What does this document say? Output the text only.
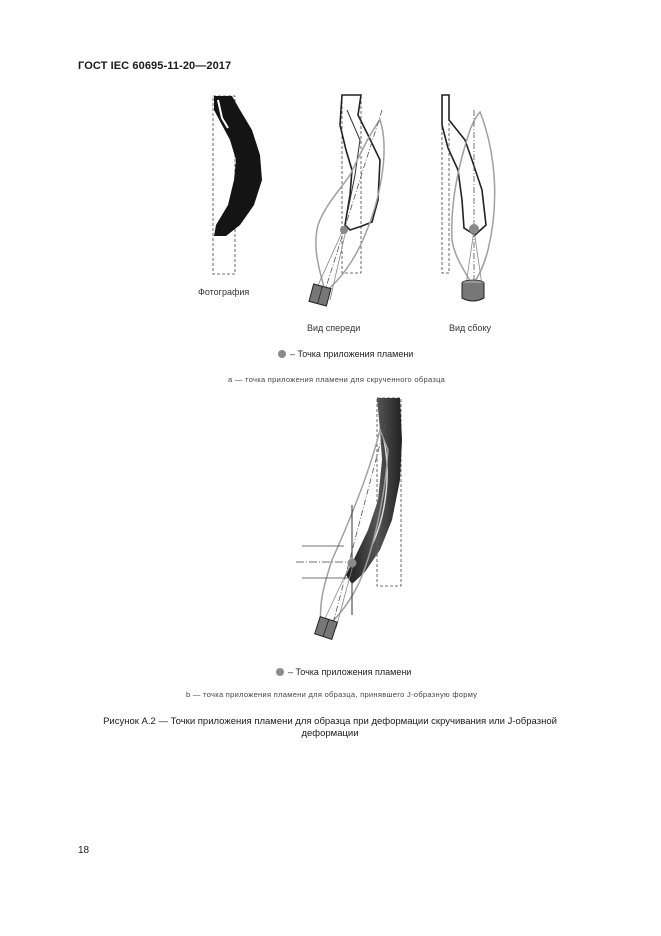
ГОСТ IEC 60695-11-20—2017
Фотография
Вид спереди	Вид сбоку
– Точка приложения пламени
а — точка приложения пламени для скрученного образца
– Точка приложения пламени
b — точка приложения пламени для образца, принявшего J-образную форму
Рисунок А.2 — Точки приложения пламени для образца при деформации скручивания или J-образной деформации
18
